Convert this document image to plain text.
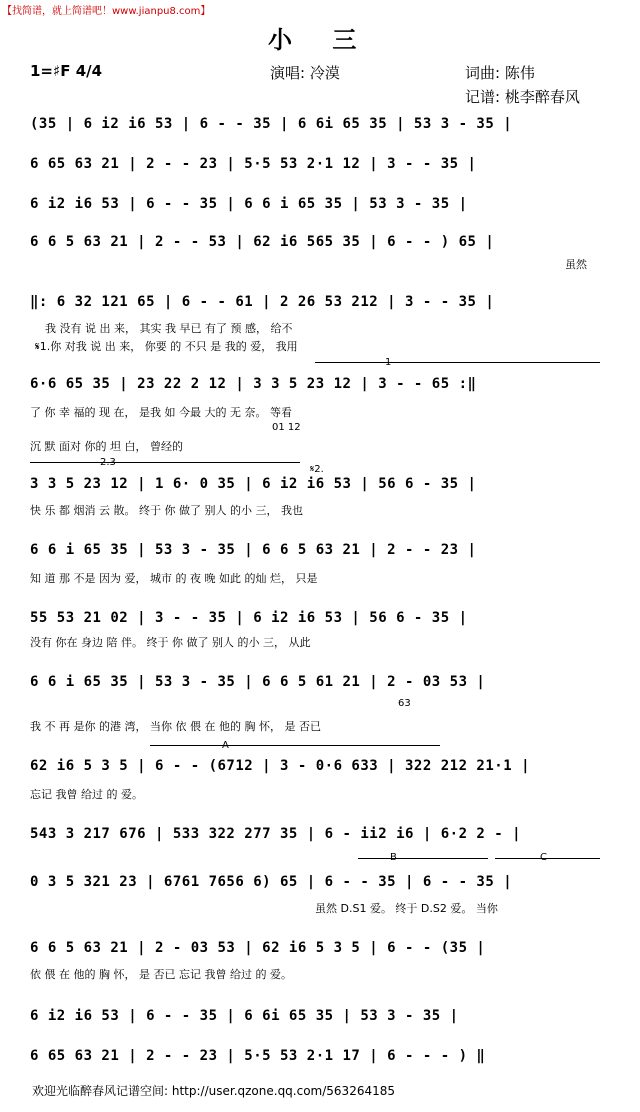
【找简谱，就上简谱吧！www.jianpu8.com】
小 三
1=♯F 4/4	演唱: 冷漠	词曲: 陈伟
记谱: 桃李醉春风
(35 | 6 i2 i6 53 | 6 - - 35 | 6 6i 65 35 | 53 3 - 35 |
6 65 63 21 | 2 - - 23 | 5·5 53 2·1 12 | 3 - - 35 |
6 i2 i6 53 | 6 - - 35 | 6 6 i 65 35 | 53 3 - 35 |
6 6 5 63 21 | 2 - - 53 | 62 i6 565 35 | 6 - - ) 65 |
虽然
‖: 6 32 121 65 | 6 - - 61 | 2 26 53 212 | 3 - - 35 |
我 没有 说 出 来， 其实 我 早已 有了 预 感， 给不
𝄋1.你 对我 说 出 来， 你要 的 不只 是 我的 爱， 我用
1
6·6 65 35 | 23 22 2 12 | 3 3 5 23 12 | 3 - - 65 :‖
了 你 幸 福的 现 在， 是我 如 今最 大的 无 奈。 等看
01 12
沉 默 面对 你的 坦 白， 曾经的
2.3
𝄋2.
3 3 5 23 12 | 1 6· 0 35 | 6 i2 i6 53 | 56 6 - 35 |
快 乐 都 烟消 云 散。 终于 你 做了 别人 的小 三， 我也
6 6 i 65 35 | 53 3 - 35 | 6 6 5 63 21 | 2 - - 23 |
知 道 那 不是 因为 爱， 城市 的 夜 晚 如此 的灿 烂， 只是
55 53 21 02 | 3 - - 35 | 6 i2 i6 53 | 56 6 - 35 |
没有 你在 身边 陪 伴。 终于 你 做了 别人 的小 三， 从此
6 6 i 65 35 | 53 3 - 35 | 6 6 5 61 21 | 2 - 03 53 |
63
我 不 再 是你 的港 湾， 当你 依 偎 在 他的 胸 怀， 是 否已
A
62 i6 5 3 5 | 6 - - (6712 | 3 - 0·6 633 | 322 212 21·1 |
忘记 我曾 给过 的 爱。
543 3 217 676 | 533 322 277 35 | 6 - ii2 i6 | 6·2 2 - |
B	C
0 3 5 321 23 | 6761 7656 6) 65 | 6 - - 35 | 6 - - 35 |
虽然 D.S1 爱。 终于 D.S2 爱。 当你
6 6 5 63 21 | 2 - 03 53 | 62 i6 5 3 5 | 6 - - (35 |
依 偎 在 他的 胸 怀， 是 否已 忘记 我曾 给过 的 爱。
6 i2 i6 53 | 6 - - 35 | 6 6i 65 35 | 53 3 - 35 |
6 65 63 21 | 2 - - 23 | 5·5 53 2·1 17 | 6 - - - ) ‖
欢迎光临醉春风记谱空间: http://user.qzone.qq.com/563264185
